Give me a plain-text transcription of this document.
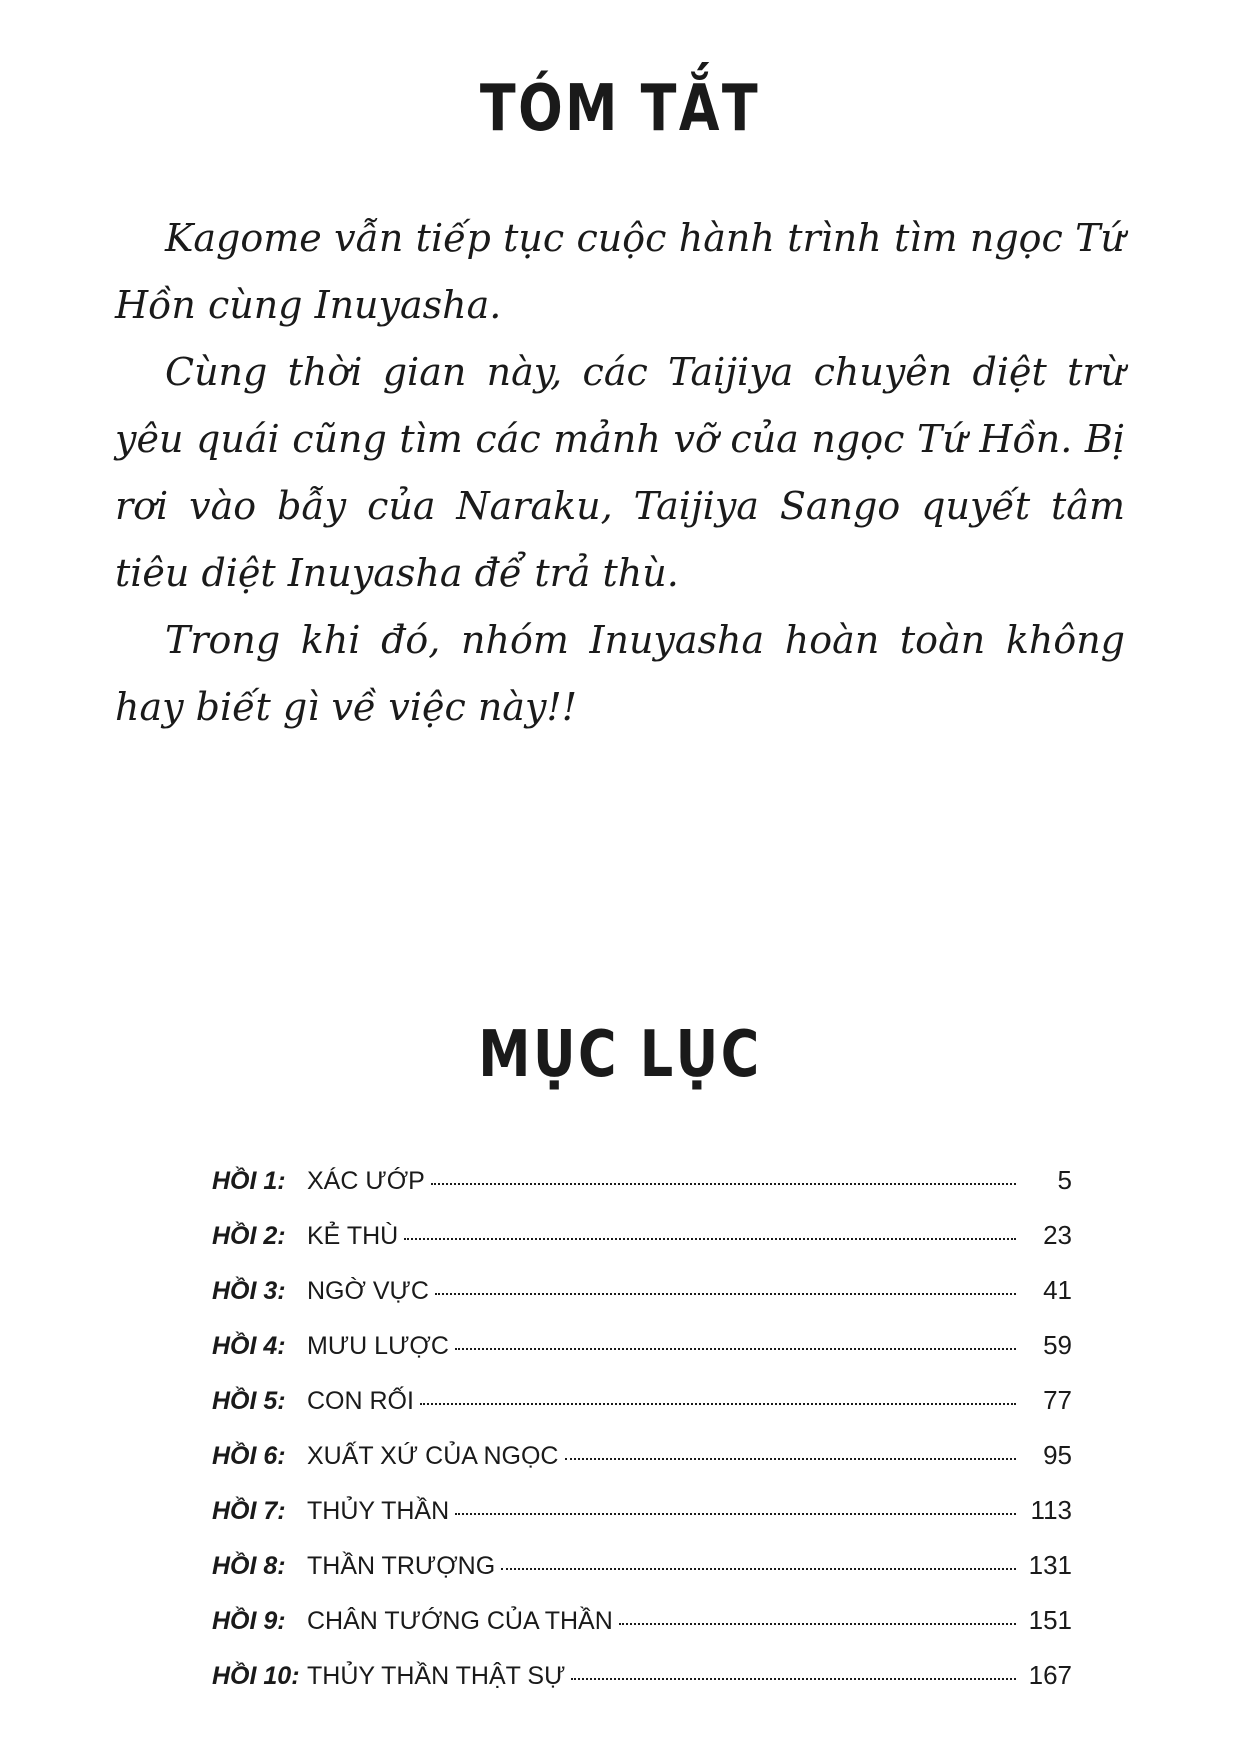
TÓM TẮT

Kagome vẫn tiếp tục cuộc hành trình tìm ngọc Tứ Hồn cùng Inuyasha.

Cùng thời gian này, các Taijiya chuyên diệt trừ yêu quái cũng tìm các mảnh vỡ của ngọc Tứ Hồn. Bị rơi vào bẫy của Naraku, Taijiya Sango quyết tâm tiêu diệt Inuyasha để trả thù.

Trong khi đó, nhóm Inuyasha hoàn toàn không hay biết gì về việc này!!

MỤC LỤC
HỒI 1: XÁC ƯỚP	5
HỒI 2: KẺ THÙ	23
HỒI 3: NGỜ VỰC	41
HỒI 4: MƯU LƯỢC	59
HỒI 5: CON RỐI	77
HỒI 6: XUẤT XỨ CỦA NGỌC	95
HỒI 7: THỦY THẦN	113
HỒI 8: THẦN TRƯỢNG	131
HỒI 9: CHÂN TƯỚNG CỦA THẦN	151
HỒI 10: THỦY THẦN THẬT SỰ	167
